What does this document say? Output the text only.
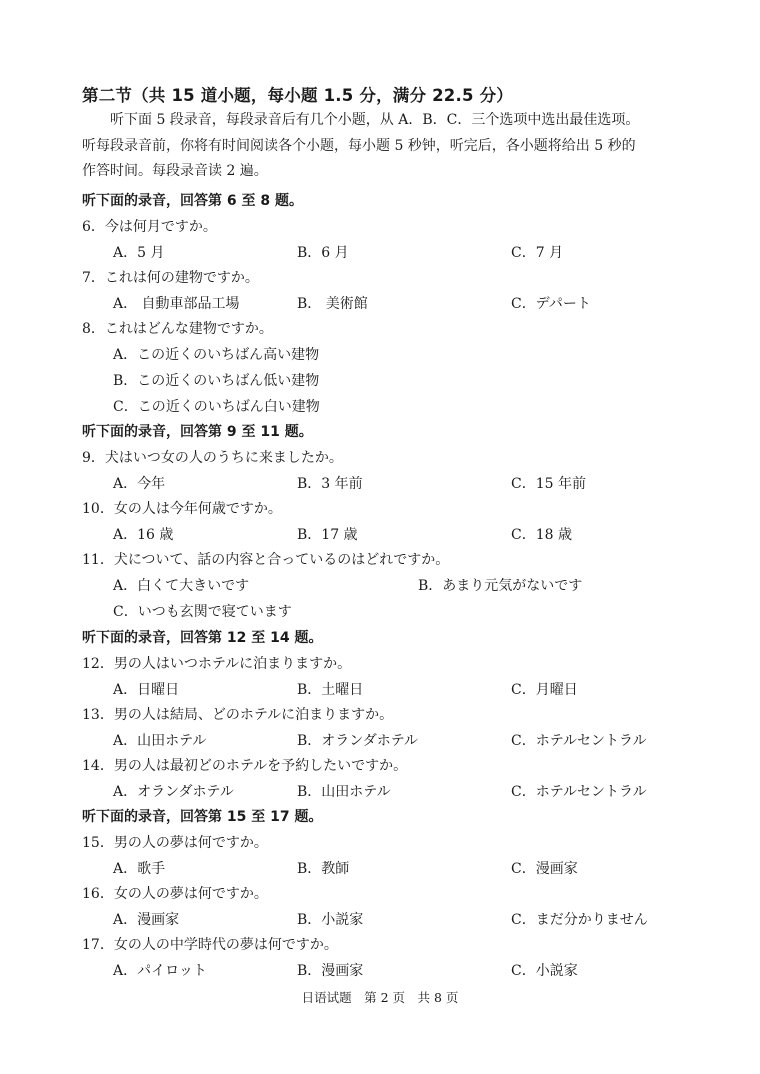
第二节（共 15 道小题，每小题 1.5 分，满分 22.5 分）

　　听下面 5 段录音，每段录音后有几个小题，从 A．B．C．三个选项中选出最佳选项。

听每段录音前，你将有时间阅读各个小题，每小题 5 秒钟，听完后，各小题将给出 5 秒的

作答时间。每段录音读 2 遍。

听下面的录音，回答第 6 至 8 题。
6．今は何月ですか。
A．5 月	B．6 月	C．7 月
7．これは何の建物ですか。
A． 自動車部品工場	B． 美術館	C．デパート
8．これはどんな建物ですか。
A．この近くのいちばん高い建物
B．この近くのいちばん低い建物
C．この近くのいちばん白い建物
听下面的录音，回答第 9 至 11 题。
9．犬はいつ女の人のうちに来ましたか。
A．今年	B．3 年前	C．15 年前
10．女の人は今年何歳ですか。
A．16 歳	B．17 歳	C．18 歳
11．犬について、話の内容と合っているのはどれですか。
A．白くて大きいです	B．あまり元気がないです
C．いつも玄関で寝ています
听下面的录音，回答第 12 至 14 题。
12．男の人はいつホテルに泊まりますか。
A．日曜日	B．土曜日	C．月曜日
13．男の人は結局、どのホテルに泊まりますか。
A．山田ホテル	B．オランダホテル	C．ホテルセントラル
14．男の人は最初どのホテルを予約したいですか。
A．オランダホテル	B．山田ホテル	C．ホテルセントラル
听下面的录音，回答第 15 至 17 题。
15．男の人の夢は何ですか。
A．歌手	B．教師	C．漫画家
16．女の人の夢は何ですか。
A．漫画家	B．小説家	C．まだ分かりません
17．女の人の中学時代の夢は何ですか。
A．パイロット	B．漫画家	C．小説家
日语试题　第 2 页　共 8 页
